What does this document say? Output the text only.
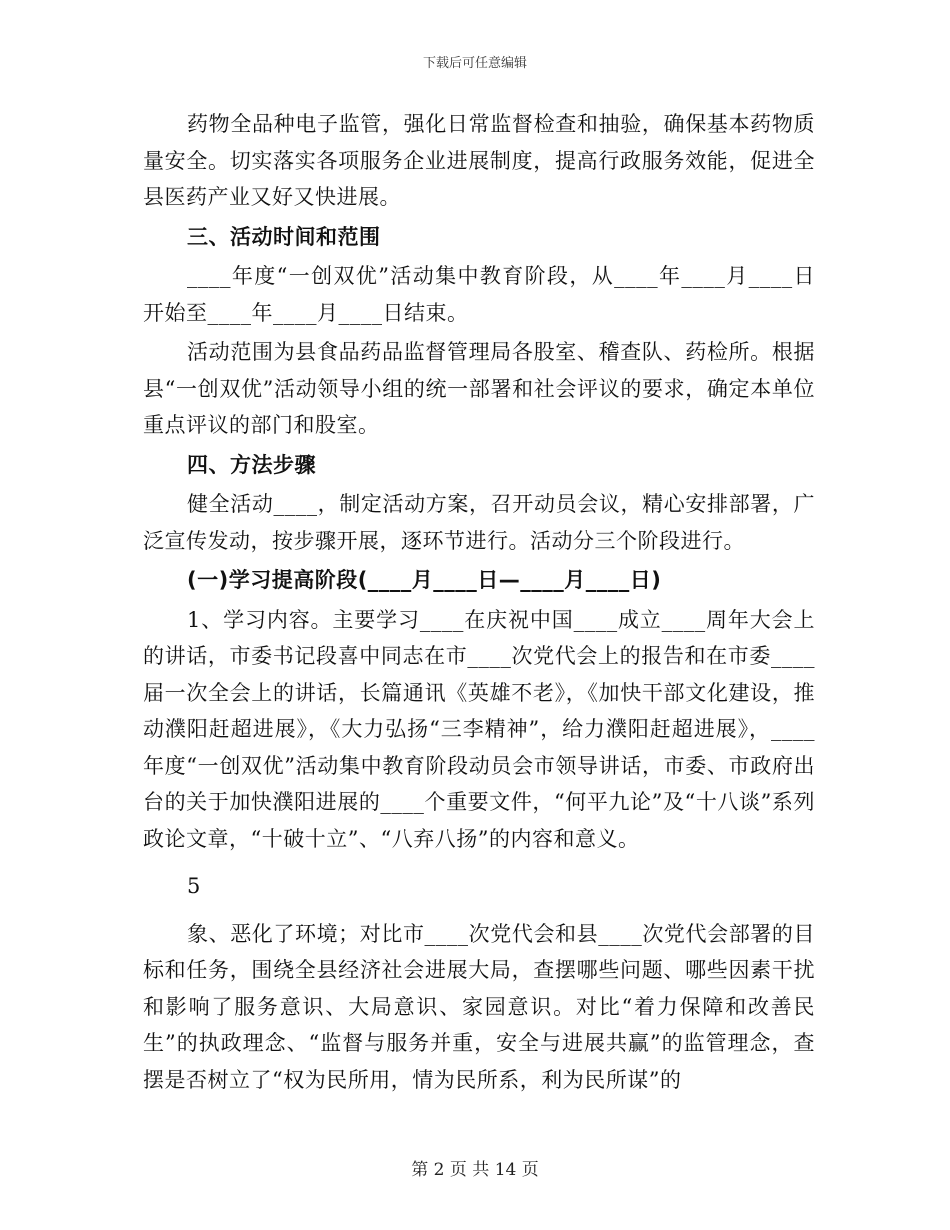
下载后可任意编辑

药物全品种电子监管，强化日常监督检查和抽验，确保基本药物质量安全。切实落实各项服务企业进展制度，提高行政服务效能，促进全县医药产业又好又快进展。

三、活动时间和范围

____年度“一创双优”活动集中教育阶段，从____年____月____日开始至____年____月____日结束。

活动范围为县食品药品监督管理局各股室、稽查队、药检所。根据县“一创双优”活动领导小组的统一部署和社会评议的要求，确定本单位重点评议的部门和股室。

四、方法步骤

健全活动____，制定活动方案，召开动员会议，精心安排部署，广泛宣传发动，按步骤开展，逐环节进行。活动分三个阶段进行。

(一)学习提高阶段(____月____日—____月____日)

1、学习内容。主要学习____在庆祝中国____成立____周年大会上的讲话，市委书记段喜中同志在市____次党代会上的报告和在市委____届一次全会上的讲话，长篇通讯《英雄不老》，《加快干部文化建设，推动濮阳赶超进展》，《大力弘扬“三李精神”，给力濮阳赶超进展》，____年度“一创双优”活动集中教育阶段动员会市领导讲话，市委、市政府出台的关于加快濮阳进展的____个重要文件，“何平九论”及“十八谈”系列政论文章，“十破十立”、“八弃八扬”的内容和意义。

5

象、恶化了环境；对比市____次党代会和县____次党代会部署的目标和任务，围绕全县经济社会进展大局，查摆哪些问题、哪些因素干扰和影响了服务意识、大局意识、家园意识。对比“着力保障和改善民生”的执政理念、“监督与服务并重，安全与进展共赢”的监管理念，查摆是否树立了“权为民所用，情为民所系，利为民所谋”的

第 2 页 共 14 页
